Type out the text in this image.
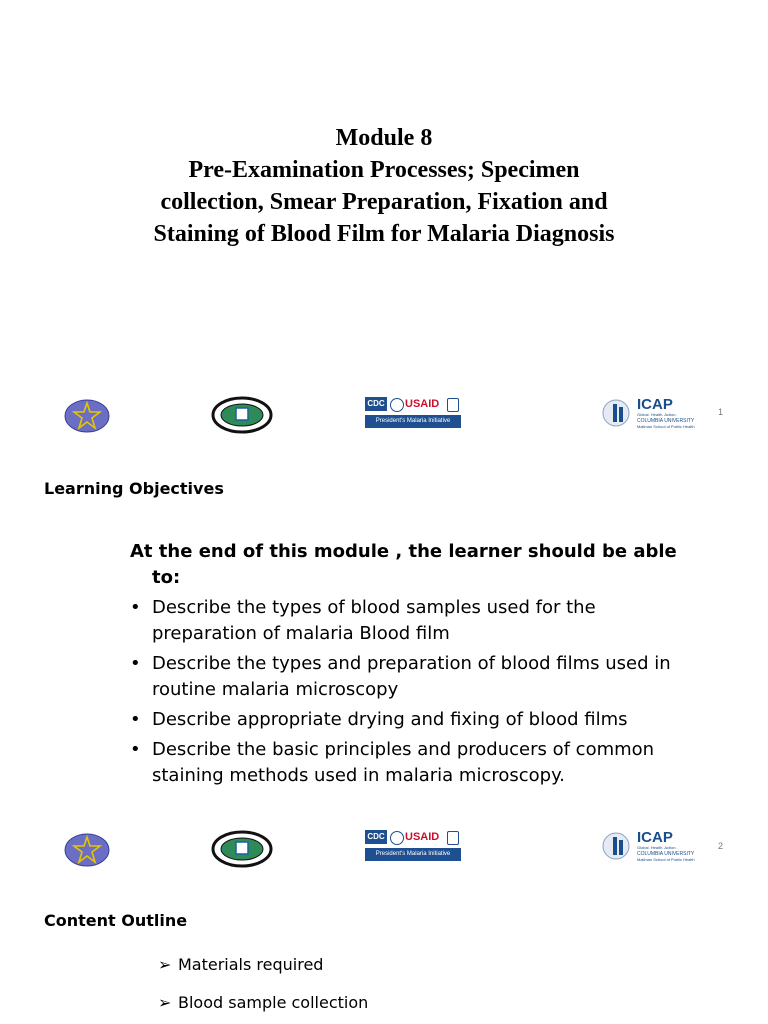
Module 8
Pre-Examination Processes; Specimen
collection, Smear Preparation, Fixation and
Staining of Blood Film for Malaria Diagnosis
CDC USAID
President's Malaria Initiative
ICAP
Global. Health. Action.
COLUMBIA UNIVERSITY
Mailman School of Public Health
1
Learning Objectives
At the end of this module , the learner should be able to:
• Describe the types of blood samples used for the preparation of malaria Blood film
• Describe the types and preparation of blood films used in routine malaria microscopy
• Describe appropriate drying and fixing of blood films
• Describe the basic principles and producers of common staining methods used in malaria microscopy.
CDC USAID
President's Malaria Initiative
ICAP
Global. Health. Action.
COLUMBIA UNIVERSITY
Mailman School of Public Health
2
Content Outline
➢ Materials required
➢ Blood sample collection
